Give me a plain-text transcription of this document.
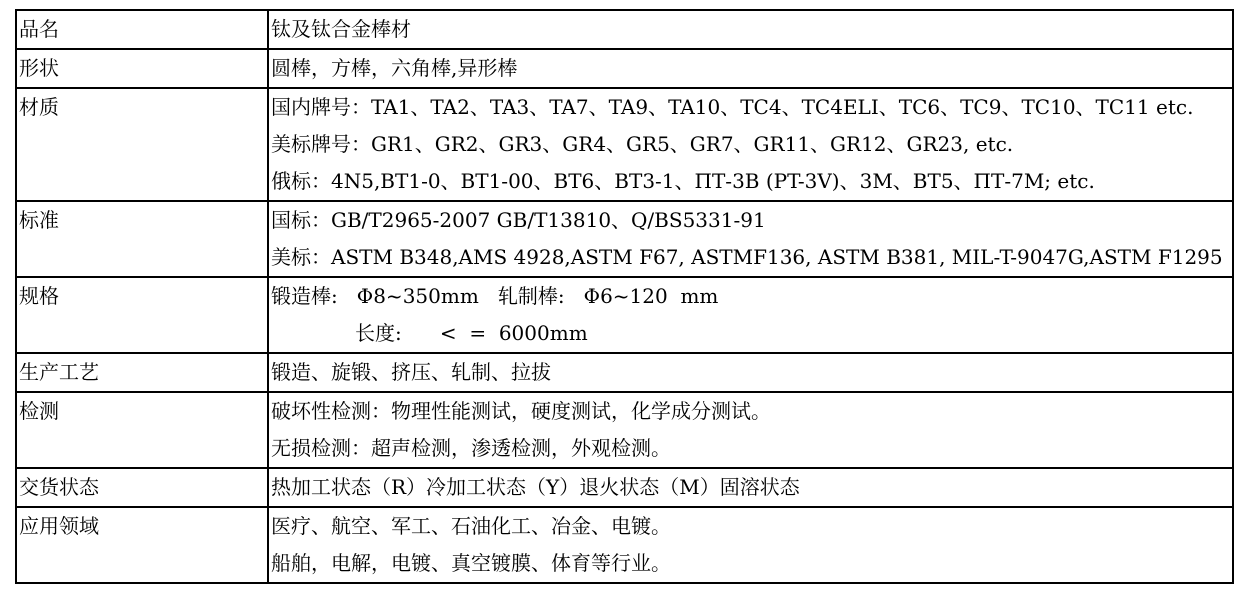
品名	钛及钛合金棒材

形状	圆棒，方棒，六角棒,异形棒

材质	国内牌号：TA1、TA2、TA3、TA7、TA9、TA10、TC4、TC4ELI、TC6、TC9、TC10、TC11 etc.
美标牌号：GR1、GR2、GR3、GR4、GR5、GR7、GR11、GR12、GR23, etc.
俄标：4N5,BT1-0、BT1-00、BT6、BT3-1、ПТ-3В (PT-3V)、3M、BT5、ПТ-7M; etc.

标准	国标：GB/T2965-2007 GB/T13810、Q/BS5331-91
美标：ASTM B348,AMS 4928,ASTM F67, ASTMF136, ASTM B381, MIL-T-9047G,ASTM F1295

规格	锻造棒:   Φ8~350mm   轧制棒:   Φ6~120  mm
长度:      <  =  6000mm

生产工艺	锻造、旋锻、挤压、轧制、拉拔

检测	破坏性检测：物理性能测试，硬度测试，化学成分测试。
无损检测：超声检测，渗透检测，外观检测。

交货状态	热加工状态（R）冷加工状态（Y）退火状态（M）固溶状态

应用领域	医疗、航空、军工、石油化工、冶金、电镀。
船舶，电解，电镀、真空镀膜、体育等行业。
